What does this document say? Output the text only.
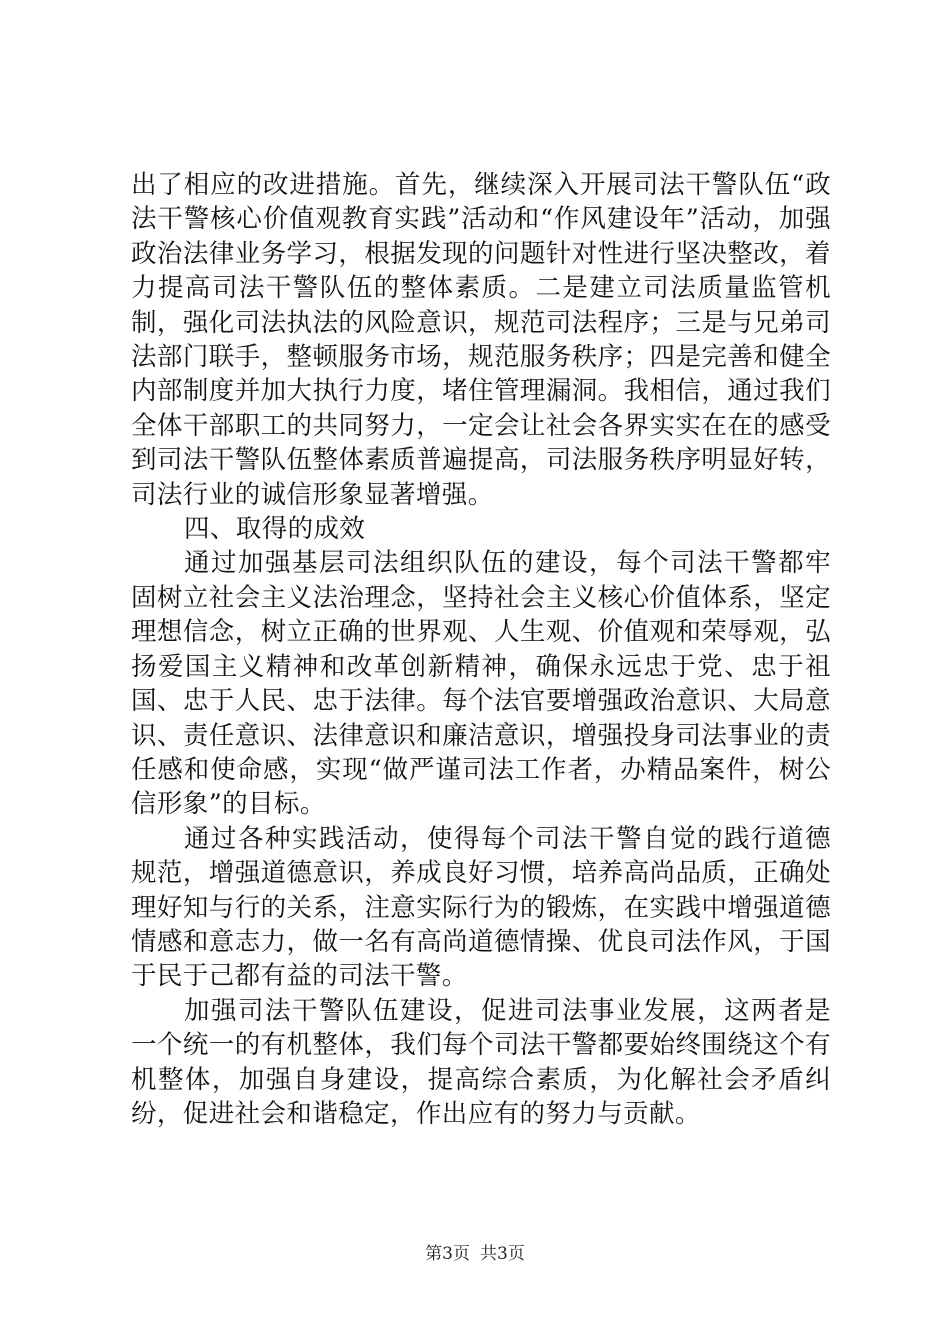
出了相应的改进措施。首先，继续深入开展司法干警队伍“政法干警核心价值观教育实践”活动和“作风建设年”活动，加强政治法律业务学习，根据发现的问题针对性进行坚决整改，着力提高司法干警队伍的整体素质。二是建立司法质量监管机制，强化司法执法的风险意识，规范司法程序；三是与兄弟司法部门联手，整顿服务市场，规范服务秩序；四是完善和健全内部制度并加大执行力度，堵住管理漏洞。我相信，通过我们全体干部职工的共同努力，一定会让社会各界实实在在的感受到司法干警队伍整体素质普遍提高，司法服务秩序明显好转，司法行业的诚信形象显著增强。

四、取得的成效

通过加强基层司法组织队伍的建设，每个司法干警都牢固树立社会主义法治理念，坚持社会主义核心价值体系，坚定理想信念，树立正确的世界观、人生观、价值观和荣辱观，弘扬爱国主义精神和改革创新精神，确保永远忠于党、忠于祖国、忠于人民、忠于法律。每个法官要增强政治意识、大局意识、责任意识、法律意识和廉洁意识，增强投身司法事业的责任感和使命感，实现“做严谨司法工作者，办精品案件，树公信形象”的目标。

通过各种实践活动，使得每个司法干警自觉的践行道德规范，增强道德意识，养成良好习惯，培养高尚品质，正确处理好知与行的关系，注意实际行为的锻炼，在实践中增强道德情感和意志力，做一名有高尚道德情操、优良司法作风，于国于民于己都有益的司法干警。

加强司法干警队伍建设，促进司法事业发展，这两者是一个统一的有机整体，我们每个司法干警都要始终围绕这个有机整体，加强自身建设，提高综合素质，为化解社会矛盾纠纷，促进社会和谐稳定，作出应有的努力与贡献。

第3页 共3页
